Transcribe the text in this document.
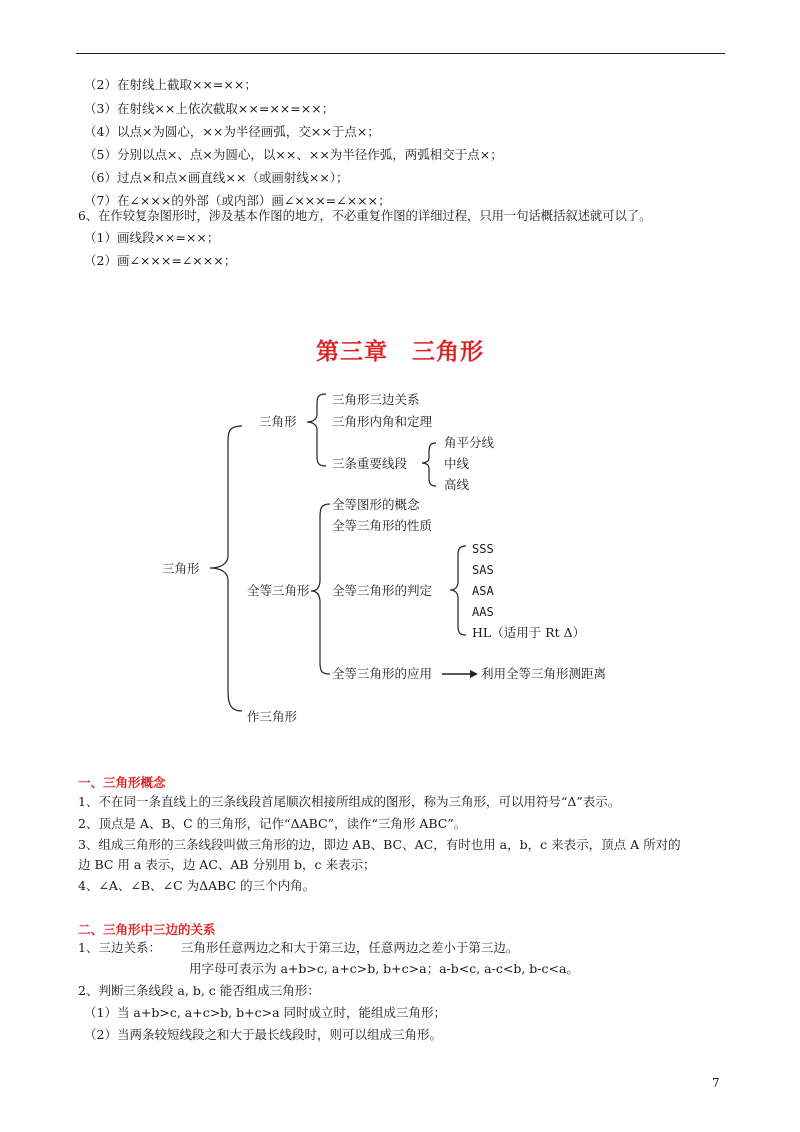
（2）在射线上截取××=××；
（3）在射线××上依次截取××=××=××；
（4）以点×为圆心，××为半径画弧，交××于点×；
（5）分别以点×、点×为圆心，以××、××为半径作弧，两弧相交于点×；
（6）过点×和点×画直线××（或画射线××）；
（7）在∠×××的外部（或内部）画∠×××=∠×××；
6、在作较复杂图形时，涉及基本作图的地方，不必重复作图的详细过程，只用一句话概括叙述就可以了。
（1）画线段××=××；
（2）画∠×××=∠×××；
第三章 三角形
三角形
三角形
三角形三边关系
三角形内角和定理
三条重要线段
角平分线
中线
高线
全等三角形
全等图形的概念
全等三角形的性质
全等三角形的判定
全等三角形的应用
SSS
SAS
ASA
AAS
HL（适用于 Rt Δ）
利用全等三角形测距离
作三角形
一、三角形概念
1、不在同一条直线上的三条线段首尾顺次相接所组成的图形，称为三角形，可以用符号“Δ”表示。
2、顶点是 A、B、C 的三角形，记作“ΔABC”，读作“三角形 ABC”。
3、组成三角形的三条线段叫做三角形的边，即边 AB、BC、AC，有时也用 a，b，c 来表示，顶点 A 所对的
边 BC 用 a 表示，边 AC、AB 分别用 b，c 来表示；
4、∠A、∠B、∠C 为ΔABC 的三个内角。
二、三角形中三边的关系
1、三边关系：     三角形任意两边之和大于第三边，任意两边之差小于第三边。
用字母可表示为 a+b>c, a+c>b, b+c>a；a-b<c, a-c<b, b-c<a。
2、判断三条线段 a, b, c 能否组成三角形：
（1）当 a+b>c, a+c>b, b+c>a 同时成立时，能组成三角形；
（2）当两条较短线段之和大于最长线段时，则可以组成三角形。
7
